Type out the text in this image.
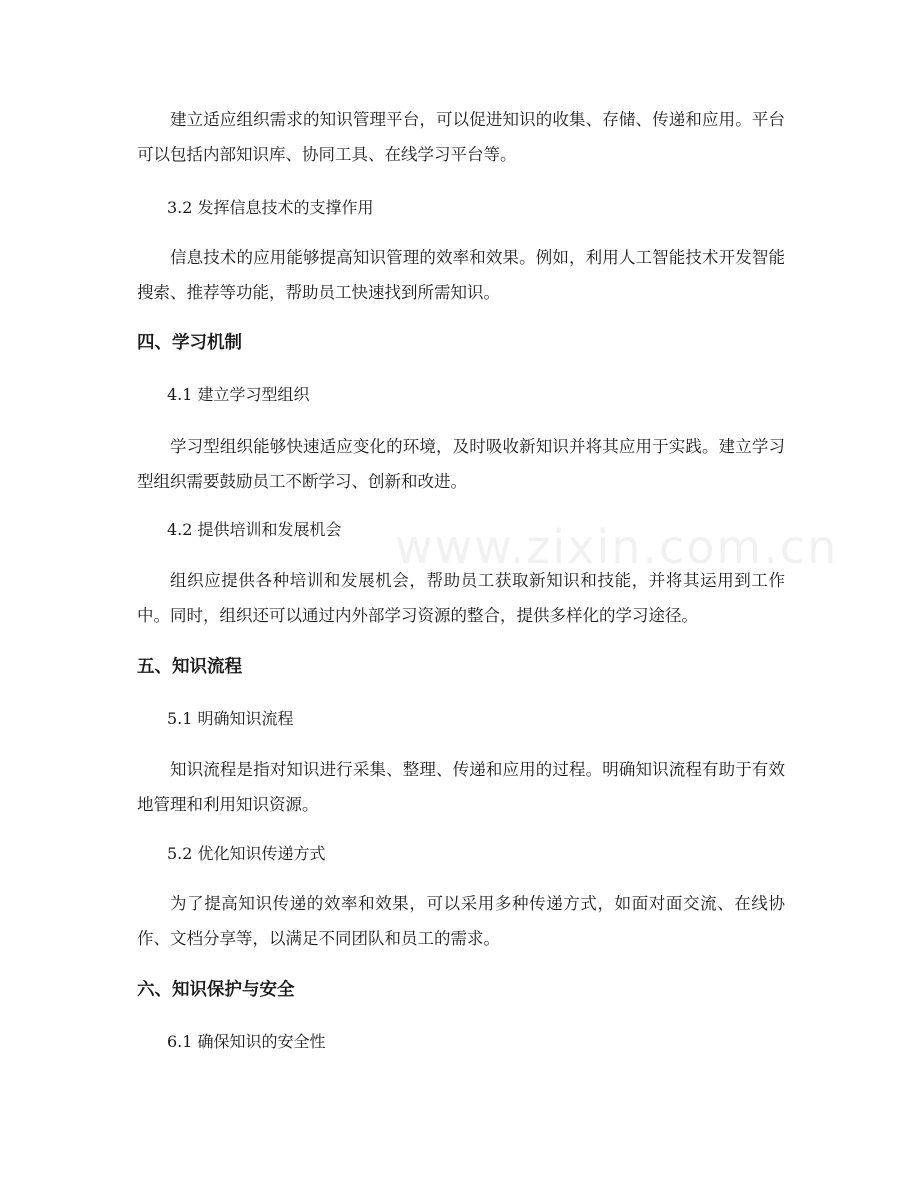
www.zixin.com.cn

建立适应组织需求的知识管理平台，可以促进知识的收集、存储、传递和应用。平台可以包括内部知识库、协同工具、在线学习平台等。

3.2 发挥信息技术的支撑作用

信息技术的应用能够提高知识管理的效率和效果。例如，利用人工智能技术开发智能搜索、推荐等功能，帮助员工快速找到所需知识。

四、学习机制

4.1 建立学习型组织

学习型组织能够快速适应变化的环境，及时吸收新知识并将其应用于实践。建立学习型组织需要鼓励员工不断学习、创新和改进。

4.2 提供培训和发展机会

组织应提供各种培训和发展机会，帮助员工获取新知识和技能，并将其运用到工作中。同时，组织还可以通过内外部学习资源的整合，提供多样化的学习途径。

五、知识流程

5.1 明确知识流程

知识流程是指对知识进行采集、整理、传递和应用的过程。明确知识流程有助于有效地管理和利用知识资源。

5.2 优化知识传递方式

为了提高知识传递的效率和效果，可以采用多种传递方式，如面对面交流、在线协作、文档分享等，以满足不同团队和员工的需求。

六、知识保护与安全

6.1 确保知识的安全性
